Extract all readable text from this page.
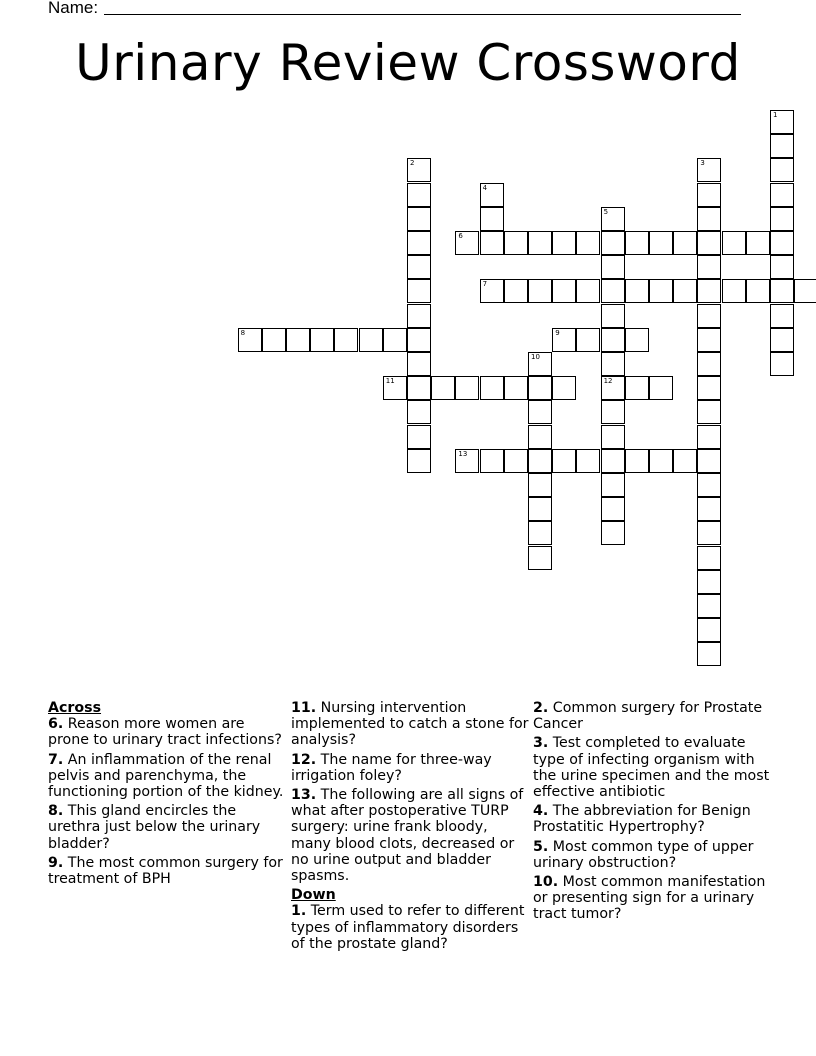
Name:
Urinary Review Crossword
1
2	3
4
5
12
6
7
8	9
10
11
13
Across
6. Reason more women are prone to urinary tract infections?
7. An inflammation of the renal pelvis and parenchyma, the functioning portion of the kidney.
8. This gland encircles the urethra just below the urinary bladder?
9. The most common surgery for treatment of BPH
11. Nursing intervention implemented to catch a stone for analysis?
12. The name for three-way irrigation foley?
13. The following are all signs of what after postoperative TURP surgery: urine frank bloody, many blood clots, decreased or no urine output and bladder spasms.
Down
1. Term used to refer to different types of inflammatory disorders of the prostate gland?
2. Common surgery for Prostate Cancer
3. Test completed to evaluate type of infecting organism with the urine specimen and the most effective antibiotic
4. The abbreviation for Benign Prostatitic Hypertrophy?
5. Most common type of upper urinary obstruction?
10. Most common manifestation or presenting sign for a urinary tract tumor?
